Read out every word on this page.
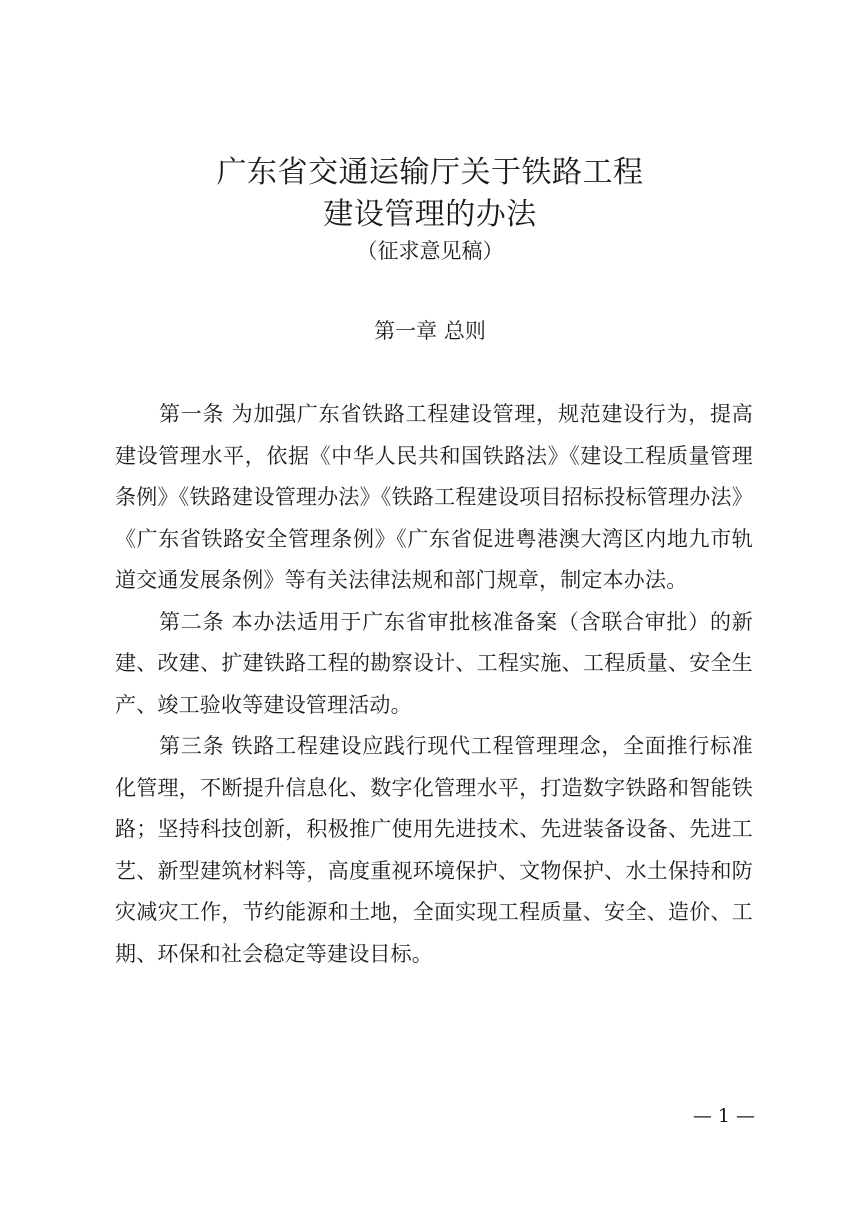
广东省交通运输厅关于铁路工程
建设管理的办法
（征求意见稿）
第一章 总则

第一条 为加强广东省铁路工程建设管理，规范建设行为，提高建设管理水平，依据《中华人民共和国铁路法》《建设工程质量管理条例》《铁路建设管理办法》《铁路工程建设项目招标投标管理办法》《广东省铁路安全管理条例》《广东省促进粤港澳大湾区内地九市轨道交通发展条例》等有关法律法规和部门规章，制定本办法。

第二条 本办法适用于广东省审批核准备案（含联合审批）的新建、改建、扩建铁路工程的勘察设计、工程实施、工程质量、安全生产、竣工验收等建设管理活动。

第三条 铁路工程建设应践行现代工程管理理念，全面推行标准化管理，不断提升信息化、数字化管理水平，打造数字铁路和智能铁路；坚持科技创新，积极推广使用先进技术、先进装备设备、先进工艺、新型建筑材料等，高度重视环境保护、文物保护、水土保持和防灾减灾工作，节约能源和土地，全面实现工程质量、安全、造价、工期、环保和社会稳定等建设目标。

— 1 —
